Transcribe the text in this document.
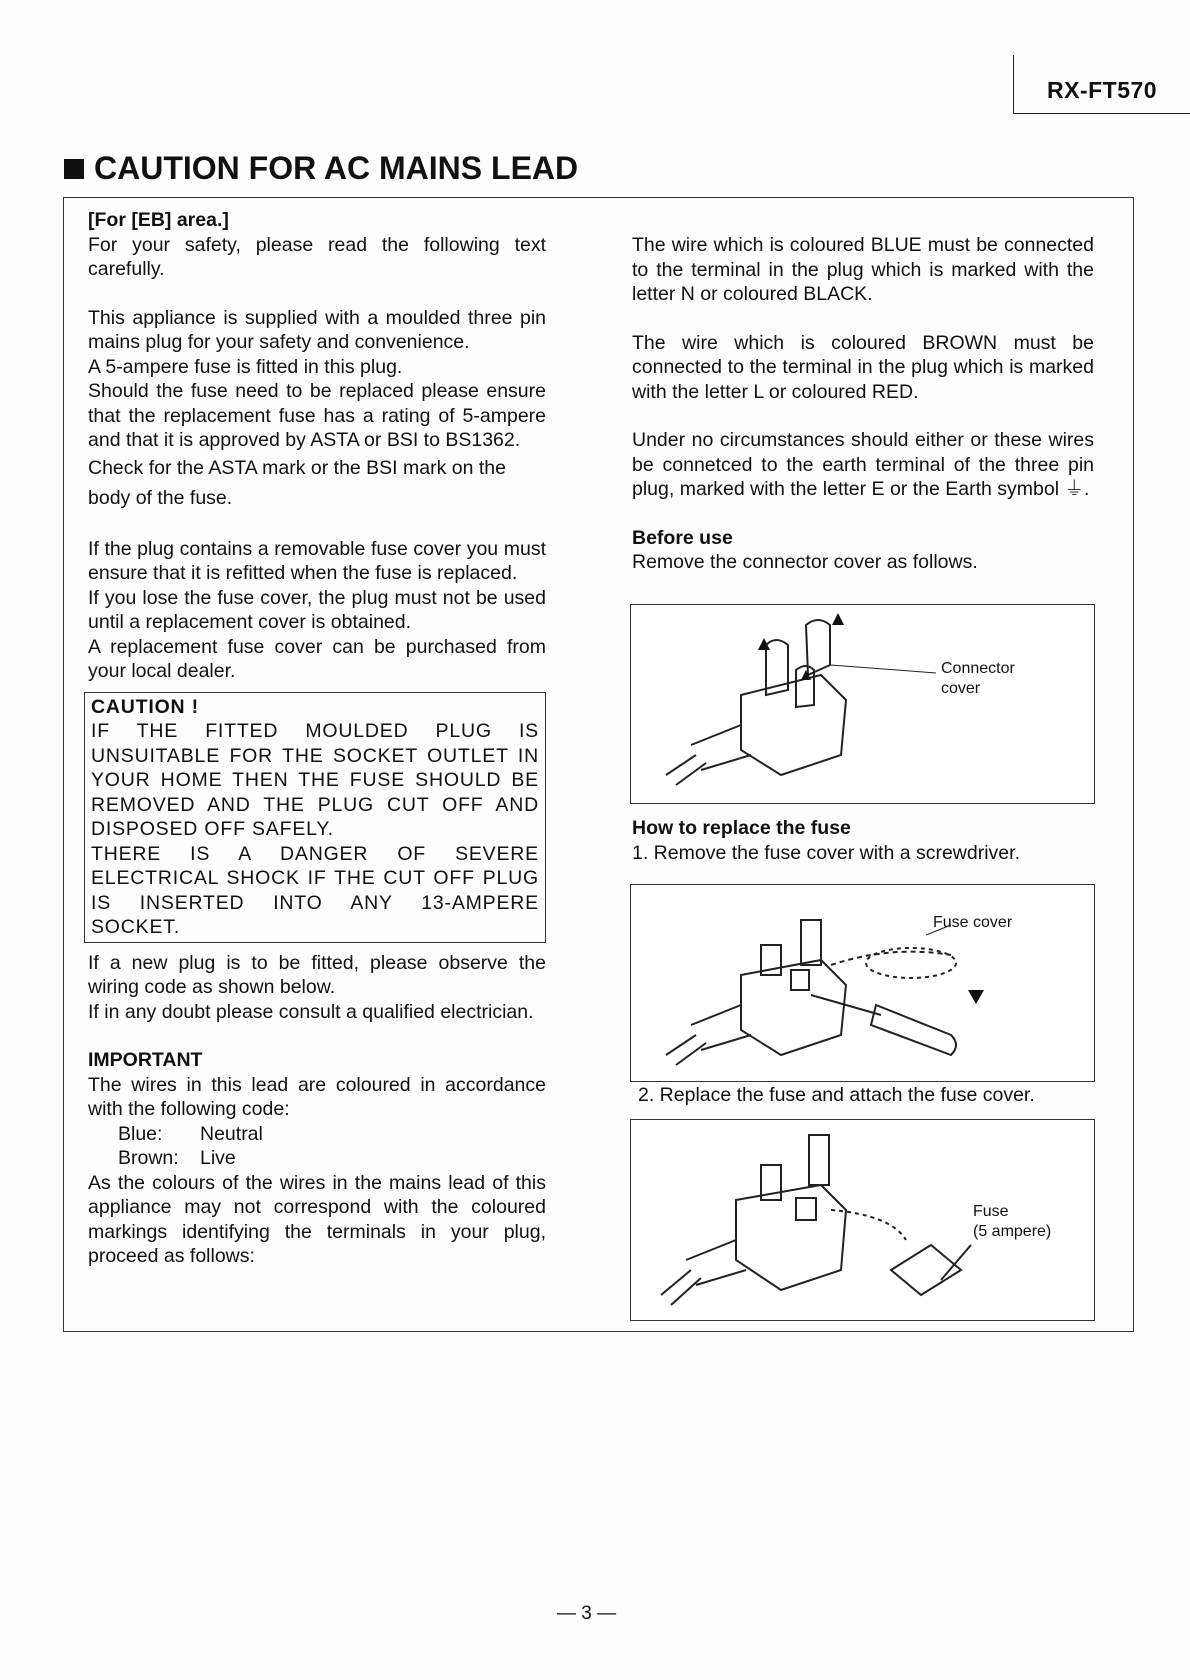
RX-FT570
CAUTION FOR AC MAINS LEAD

[For [EB] area.]

For your safety, please read the following text carefully.

This appliance is supplied with a moulded three pin mains plug for your safety and convenience.

A 5-ampere fuse is fitted in this plug.

Should the fuse need to be replaced please ensure that the replacement fuse has a rating of 5-ampere and that it is approved by ASTA or BSI to BS1362.

Check for the ASTA mark or the BSI mark on the body of the fuse.

If the plug contains a removable fuse cover you must ensure that it is refitted when the fuse is replaced.

If you lose the fuse cover, the plug must not be used until a replacement cover is obtained.

A replacement fuse cover can be purchased from your local dealer.

CAUTION !

IF THE FITTED MOULDED PLUG IS UNSUITABLE FOR THE SOCKET OUTLET IN YOUR HOME THEN THE FUSE SHOULD BE REMOVED AND THE PLUG CUT OFF AND DISPOSED OFF SAFELY.

THERE IS A DANGER OF SEVERE ELECTRICAL SHOCK IF THE CUT OFF PLUG IS INSERTED INTO ANY 13-AMPERE SOCKET.

If a new plug is to be fitted, please observe the wiring code as shown below.

If in any doubt please consult a qualified electrician.

IMPORTANT

The wires in this lead are coloured in accordance with the following code:

Blue: Neutral

Brown: Live

As the colours of the wires in the mains lead of this appliance may not correspond with the coloured markings identifying the terminals in your plug, proceed as follows:

The wire which is coloured BLUE must be connected to the terminal in the plug which is marked with the letter N or coloured BLACK.

The wire which is coloured BROWN must be connected to the terminal in the plug which is marked with the letter L or coloured RED.

Under no circumstances should either or these wires be connetced to the earth terminal of the three pin plug, marked with the letter E or the Earth symbol ⏚.

Before use

Remove the connector cover as follows.

Connector
cover

How to replace the fuse

1. Remove the fuse cover with a screwdriver.

Fuse cover

2. Replace the fuse and attach the fuse cover.

Fuse
(5 ampere)
— 3 —
